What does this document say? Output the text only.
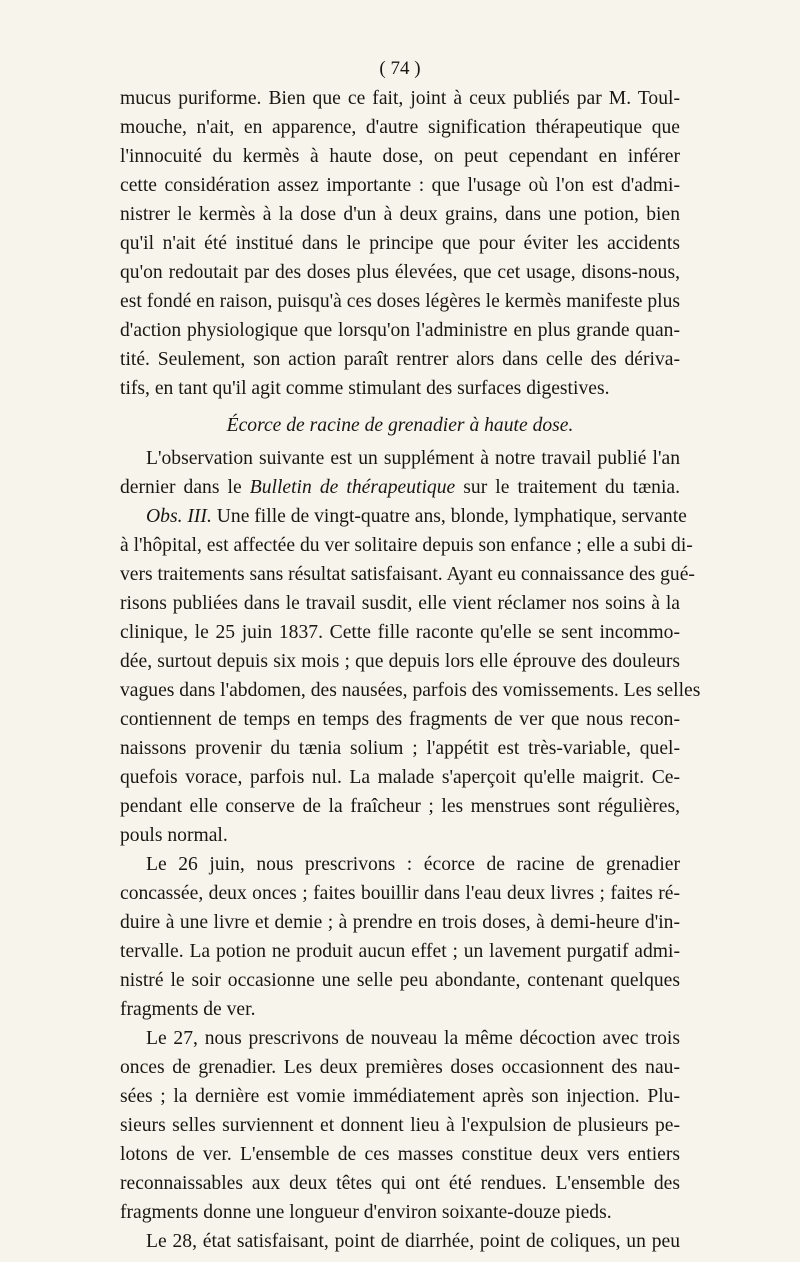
( 74 )

mucus puriforme. Bien que ce fait, joint à ceux publiés par M. Toul-
mouche, n'ait, en apparence, d'autre signification thérapeutique que
l'innocuité du kermès à haute dose, on peut cependant en inférer
cette considération assez importante : que l'usage où l'on est d'admi-
nistrer le kermès à la dose d'un à deux grains, dans une potion, bien
qu'il n'ait été institué dans le principe que pour éviter les accidents
qu'on redoutait par des doses plus élevées, que cet usage, disons-nous,
est fondé en raison, puisqu'à ces doses légères le kermès manifeste plus
d'action physiologique que lorsqu'on l'administre en plus grande quan-
tité. Seulement, son action paraît rentrer alors dans celle des dérivа-
tifs, en tant qu'il agit comme stimulant des surfaces digestives.

Écorce de racine de grenadier à haute dose.

L'observation suivante est un supplément à notre travail publié l'an
dernier dans le Bulletin de thérapeutique sur le traitement du tænia.

Obs. III. Une fille de vingt-quatre ans, blonde, lymphatique, servante
à l'hôpital, est affectée du ver solitaire depuis son enfance ; elle a subi di-
vers traitements sans résultat satisfaisant. Ayant eu connaissance des gué-
risons publiées dans le travail susdit, elle vient réclamer nos soins à la
clinique, le 25 juin 1837. Cette fille raconte qu'elle se sent incommo-
dée, surtout depuis six mois ; que depuis lors elle éprouve des douleurs
vagues dans l'abdomen, des nausées, parfois des vomissements. Les selles
contiennent de temps en temps des fragments de ver que nous recon-
naissons provenir du tænia solium ; l'appétit est très-variable, quel-
quefois vorace, parfois nul. La malade s'aperçoit qu'elle maigrit. Ce-
pendant elle conserve de la fraîcheur ; les menstrues sont régulières,
pouls normal.

Le 26 juin, nous prescrivons : écorce de racine de grenadier
concassée, deux onces ; faites bouillir dans l'eau deux livres ; faites ré-
duire à une livre et demie ; à prendre en trois doses, à demi-heure d'in-
tervalle. La potion ne produit aucun effet ; un lavement purgatif admi-
nistré le soir occasionne une selle peu abondante, contenant quelques
fragments de ver.

Le 27, nous prescrivons de nouveau la même décoction avec trois
onces de grenadier. Les deux premières doses occasionnent des nau-
sées ; la dernière est vomie immédiatement après son injection. Plu-
sieurs selles surviennent et donnent lieu à l'expulsion de plusieurs pe-
lotons de ver. L'ensemble de ces masses constitue deux vers entiers
reconnaissables aux deux têtes qui ont été rendues. L'ensemble des
fragments donne une longueur d'environ soixante-douze pieds.

Le 28, état satisfaisant, point de diarrhée, point de coliques, un peu
